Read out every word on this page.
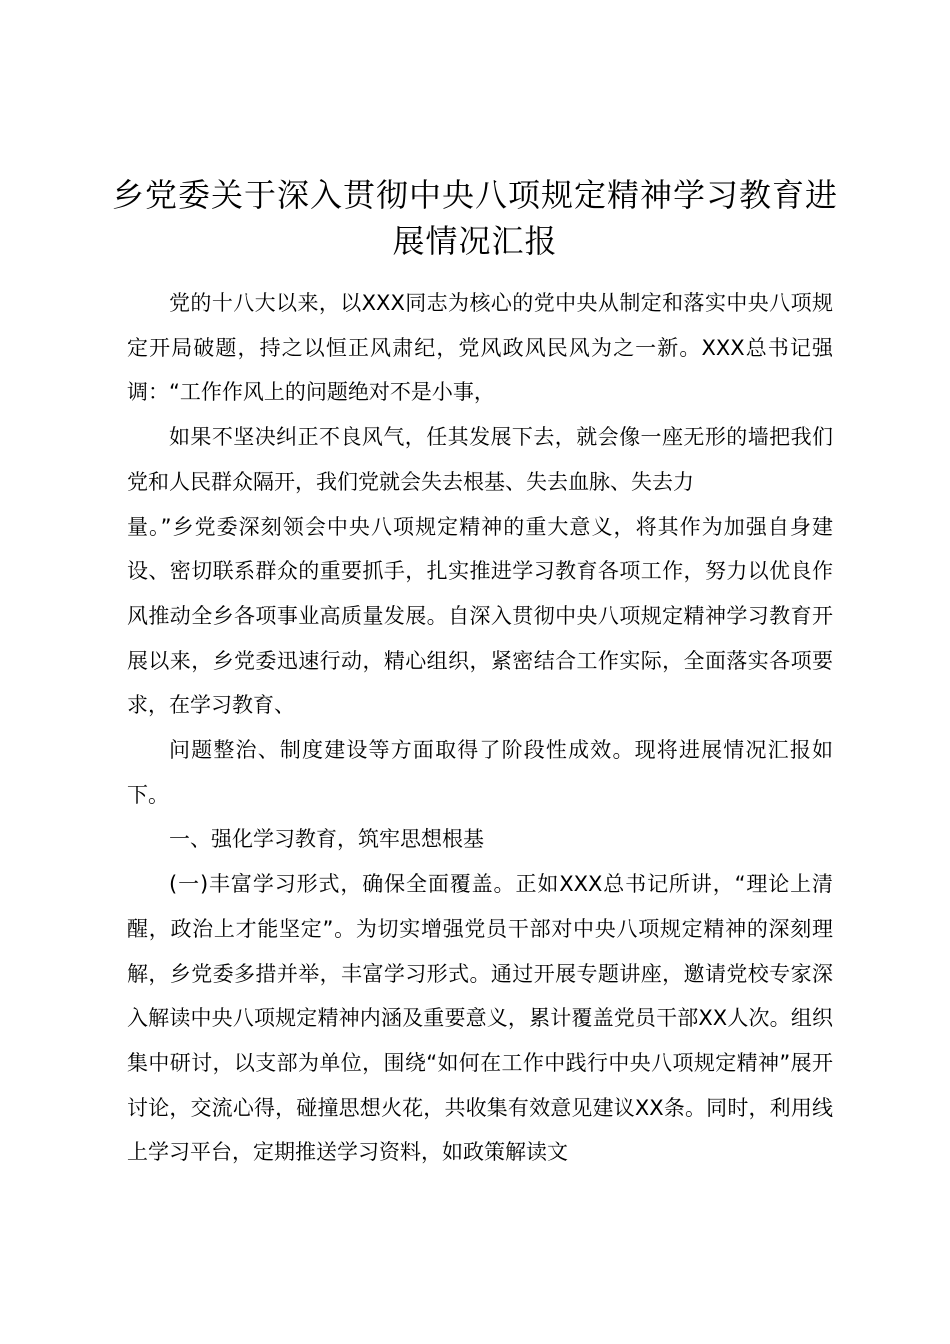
乡党委关于深入贯彻中央八项规定精神学习教育进展情况汇报

党的十八大以来，以XXX同志为核心的党中央从制定和落实中央八项规定开局破题，持之以恒正风肃纪，党风政风民风为之一新。XXX总书记强调：“工作作风上的问题绝对不是小事，

如果不坚决纠正不良风气，任其发展下去，就会像一座无形的墙把我们党和人民群众隔开，我们党就会失去根基、失去血脉、失去力

量。”乡党委深刻领会中央八项规定精神的重大意义，将其作为加强自身建设、密切联系群众的重要抓手，扎实推进学习教育各项工作，努力以优良作风推动全乡各项事业高质量发展。自深入贯彻中央八项规定精神学习教育开展以来，乡党委迅速行动，精心组织，紧密结合工作实际，全面落实各项要求，在学习教育、

问题整治、制度建设等方面取得了阶段性成效。现将进展情况汇报如下。

一、强化学习教育，筑牢思想根基

(一)丰富学习形式，确保全面覆盖。正如XXX总书记所讲，“理论上清醒，政治上才能坚定”。为切实增强党员干部对中央八项规定精神的深刻理解，乡党委多措并举，丰富学习形式。通过开展专题讲座，邀请党校专家深入解读中央八项规定精神内涵及重要意义，累计覆盖党员干部XX人次。组织集中研讨，以支部为单位，围绕“如何在工作中践行中央八项规定精神”展开讨论，交流心得，碰撞思想火花，共收集有效意见建议XX条。同时，利用线上学习平台，定期推送学习资料，如政策解读文
